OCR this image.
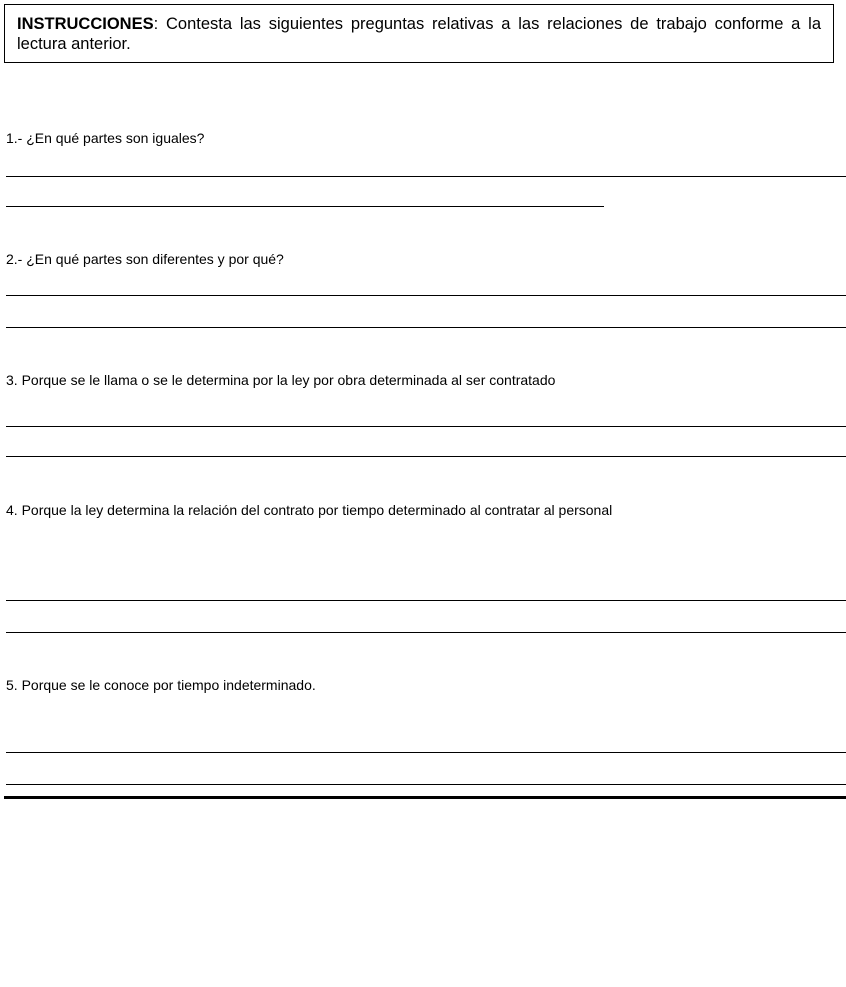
INSTRUCCIONES: Contesta las siguientes preguntas relativas a las relaciones de trabajo conforme a la lectura anterior.
1.- ¿En qué partes son iguales?
2.- ¿En qué partes son diferentes y por qué?
3. Porque se le llama o se le determina por la ley por obra determinada al ser contratado
4. Porque la ley determina la relación del contrato por tiempo determinado al contratar al personal
5. Porque se le conoce por tiempo indeterminado.
